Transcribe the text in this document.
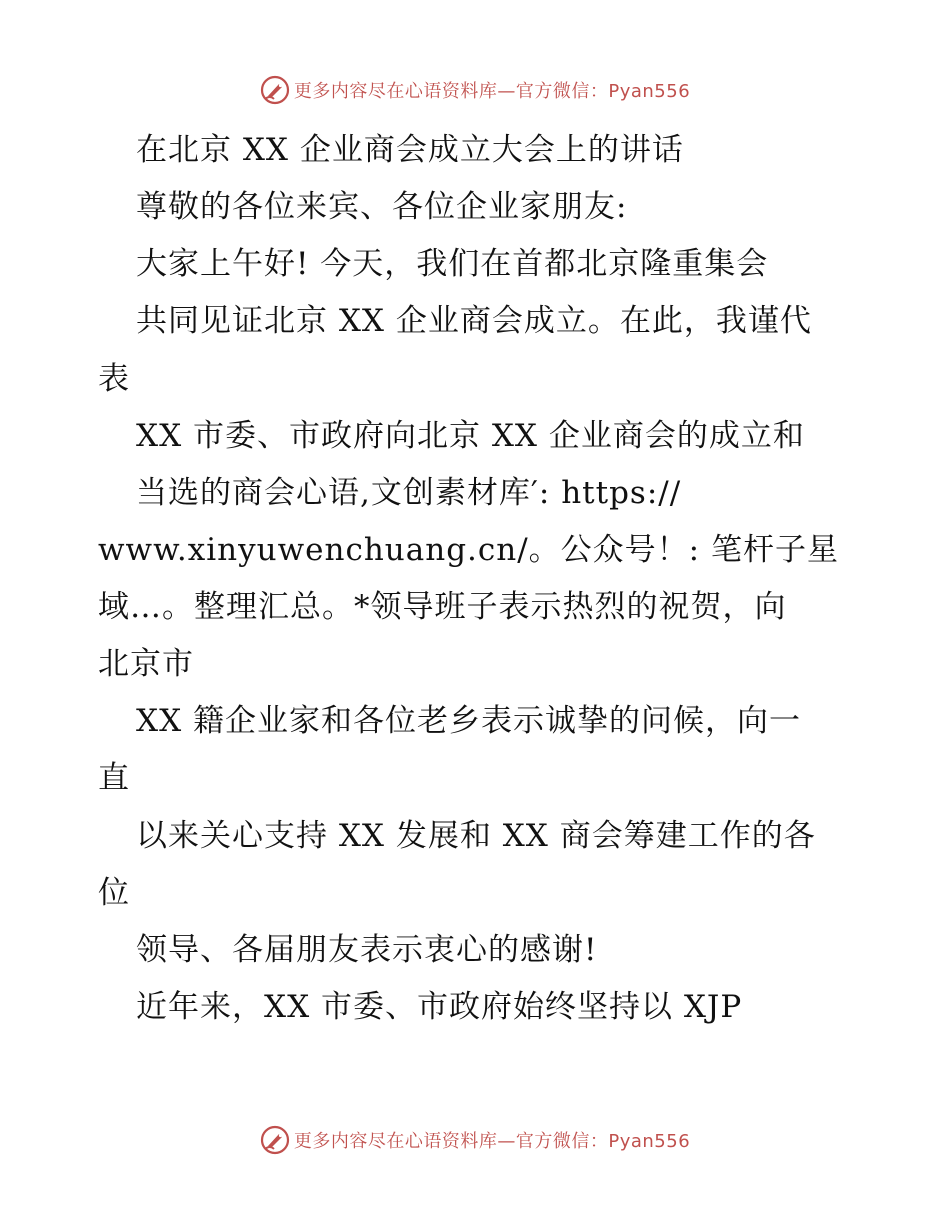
更多内容尽在心语资料库—官方微信：Pyan556
在北京 XX 企业商会成立大会上的讲话
尊敬的各位来宾、各位企业家朋友:
大家上午好! 今天，我们在首都北京隆重集会
共同见证北京 XX 企业商会成立。在此，我谨代
表
XX 市委、市政府向北京 XX 企业商会的成立和
当选的商会心语,文创素材库′: https://
www.xinyuwenchuang.cn/。公众号！: 笔杆子星
域…。整理汇总。*领导班子表示热烈的祝贺，向
北京市
XX 籍企业家和各位老乡表示诚挚的问候，向一
直
以来关心支持 XX 发展和 XX 商会筹建工作的各
位
领导、各届朋友表示衷心的感谢!
近年来，XX 市委、市政府始终坚持以 XJP
更多内容尽在心语资料库—官方微信：Pyan556
